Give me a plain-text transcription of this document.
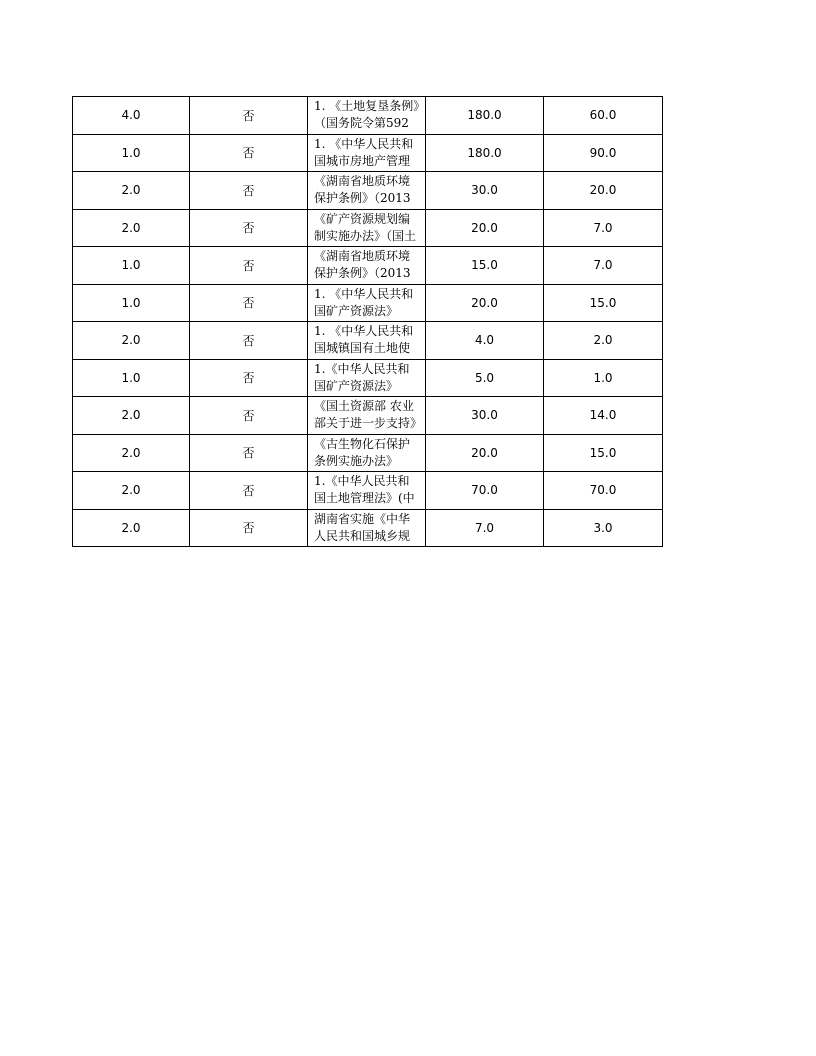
4.0	否	1. 《土地复垦条例》（国务院令第592	180.0	60.0
1.0	否	1. 《中华人民共和国城市房地产管理	180.0	90.0
2.0	否	《湖南省地质环境保护条例》（2013	30.0	20.0
2.0	否	《矿产资源规划编制实施办法》（国土	20.0	7.0
1.0	否	《湖南省地质环境保护条例》（2013	15.0	7.0
1.0	否	1. 《中华人民共和国矿产资源法》	20.0	15.0
2.0	否	1. 《中华人民共和国城镇国有土地使	4.0	2.0
1.0	否	1.《中华人民共和国矿产资源法》	5.0	1.0
2.0	否	《国土资源部 农业部关于进一步支持》	30.0	14.0
2.0	否	《古生物化石保护条例实施办法》	20.0	15.0
2.0	否	1.《中华人民共和国土地管理法》(中	70.0	70.0
2.0	否	湖南省实施《中华人民共和国城乡规	7.0	3.0
